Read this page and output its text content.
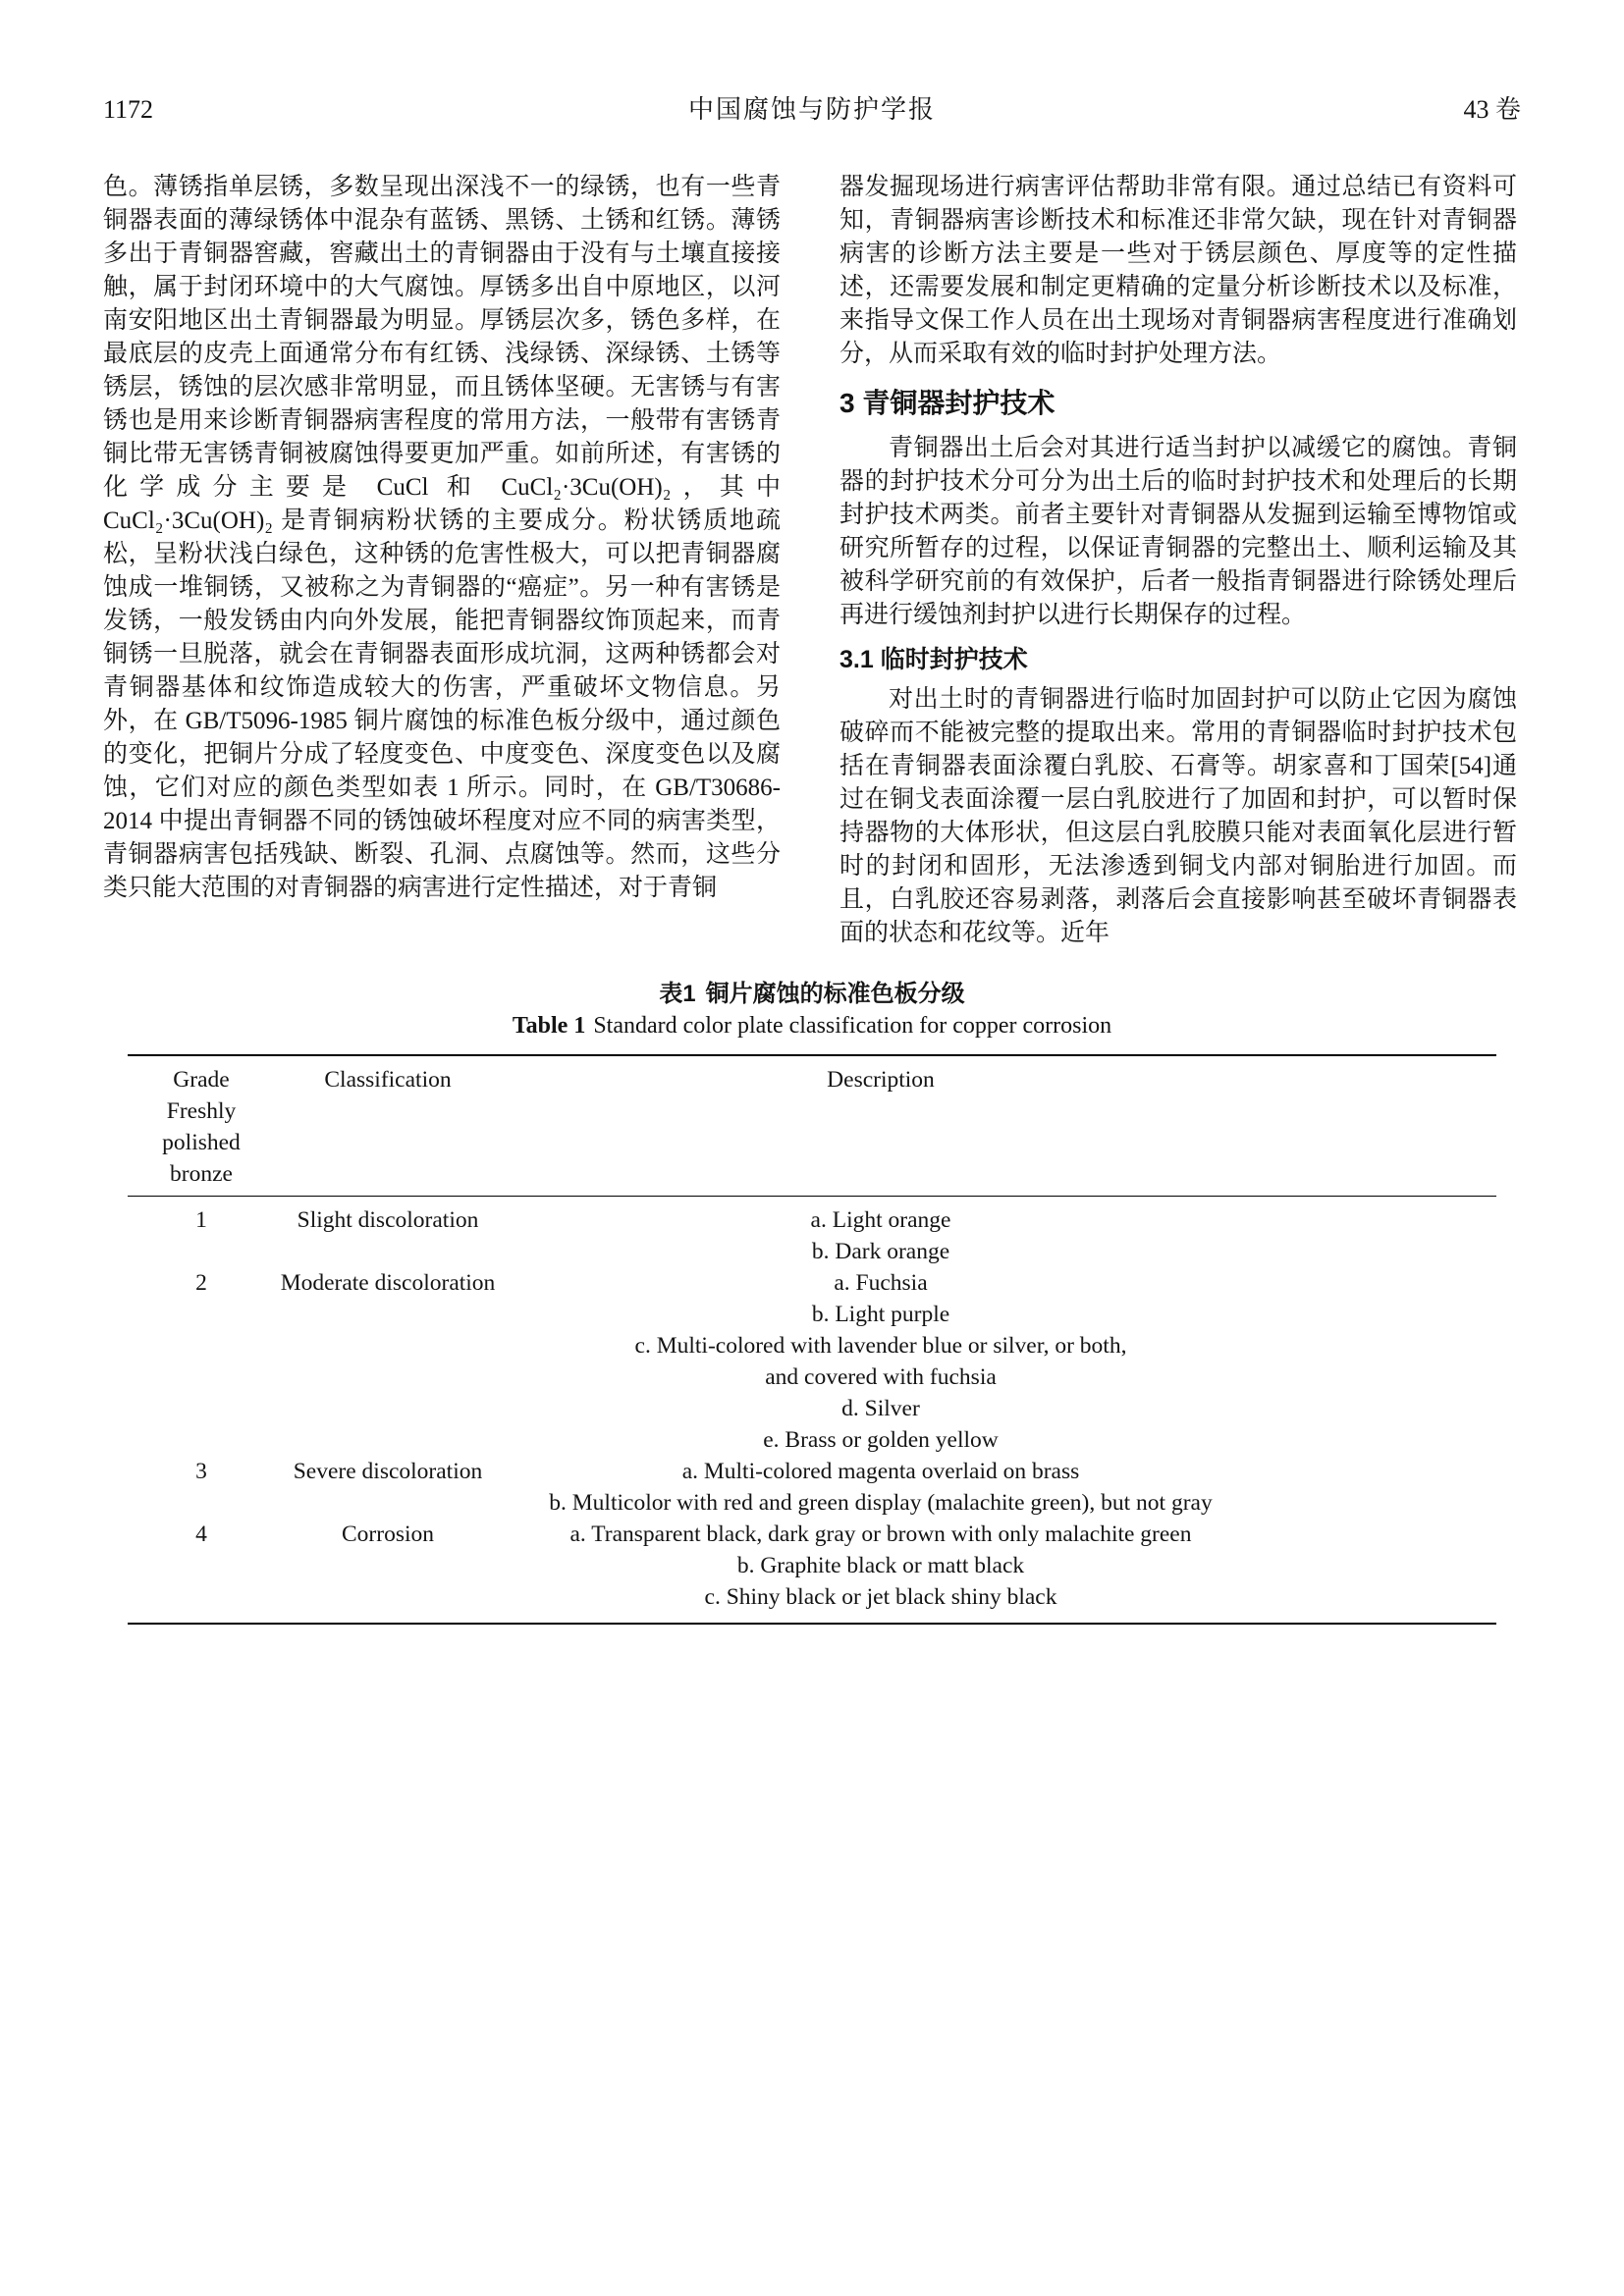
1172	中国腐蚀与防护学报	43 卷

色。薄锈指单层锈，多数呈现出深浅不一的绿锈，也有一些青铜器表面的薄绿锈体中混杂有蓝锈、黑锈、土锈和红锈。薄锈多出于青铜器窖藏，窖藏出土的青铜器由于没有与土壤直接接触，属于封闭环境中的大气腐蚀。厚锈多出自中原地区，以河南安阳地区出土青铜器最为明显。厚锈层次多，锈色多样，在最底层的皮壳上面通常分布有红锈、浅绿锈、深绿锈、土锈等锈层，锈蚀的层次感非常明显，而且锈体坚硬。无害锈与有害锈也是用来诊断青铜器病害程度的常用方法，一般带有害锈青铜比带无害锈青铜被腐蚀得要更加严重。如前所述，有害锈的化学成分主要是 CuCl 和 CuCl₂·3Cu(OH)₂，其中 CuCl₂·3Cu(OH)₂ 是青铜病粉状锈的主要成分。粉状锈质地疏松，呈粉状浅白绿色，这种锈的危害性极大，可以把青铜器腐蚀成一堆铜锈，又被称之为青铜器的“癌症”。另一种有害锈是发锈，一般发锈由内向外发展，能把青铜器纹饰顶起来，而青铜锈一旦脱落，就会在青铜器表面形成坑洞，这两种锈都会对青铜器基体和纹饰造成较大的伤害，严重破坏文物信息。另外，在 GB/T5096-1985 铜片腐蚀的标准色板分级中，通过颜色的变化，把铜片分成了轻度变色、中度变色、深度变色以及腐蚀，它们对应的颜色类型如表 1 所示。同时，在 GB/T30686-2014 中提出青铜器不同的锈蚀破坏程度对应不同的病害类型，青铜器病害包括残缺、断裂、孔洞、点腐蚀等。然而，这些分类只能大范围的对青铜器的病害进行定性描述，对于青铜

器发掘现场进行病害评估帮助非常有限。通过总结已有资料可知，青铜器病害诊断技术和标准还非常欠缺，现在针对青铜器病害的诊断方法主要是一些对于锈层颜色、厚度等的定性描述，还需要发展和制定更精确的定量分析诊断技术以及标准，来指导文保工作人员在出土现场对青铜器病害程度进行准确划分，从而采取有效的临时封护处理方法。

3 青铜器封护技术

青铜器出土后会对其进行适当封护以减缓它的腐蚀。青铜器的封护技术分可分为出土后的临时封护技术和处理后的长期封护技术两类。前者主要针对青铜器从发掘到运输至博物馆或研究所暂存的过程，以保证青铜器的完整出土、顺利运输及其被科学研究前的有效保护，后者一般指青铜器进行除锈处理后再进行缓蚀剂封护以进行长期保存的过程。

3.1 临时封护技术

对出土时的青铜器进行临时加固封护可以防止它因为腐蚀破碎而不能被完整的提取出来。常用的青铜器临时封护技术包括在青铜器表面涂覆白乳胶、石膏等。胡家喜和丁国荣[54]通过在铜戈表面涂覆一层白乳胶进行了加固和封护，可以暂时保持器物的大体形状，但这层白乳胶膜只能对表面氧化层进行暂时的封闭和固形，无法渗透到铜戈内部对铜胎进行加固。而且，白乳胶还容易剥落，剥落后会直接影响甚至破坏青铜器表面的状态和花纹等。近年

表1 铜片腐蚀的标准色板分级
Table 1 Standard color plate classification for copper corrosion
Grade	Classification	Description
Freshly polished
bronze
1	Slight discoloration	a. Light orange
b. Dark orange
2	Moderate discoloration	a. Fuchsia
b. Light purple
c. Multi-colored with lavender blue or silver, or both,
and covered with fuchsia
d. Silver
e. Brass or golden yellow
3	Severe discoloration	a. Multi-colored magenta overlaid on brass
b. Multicolor with red and green display (malachite green), but not gray
4	Corrosion	a. Transparent black, dark gray or brown with only malachite green
b. Graphite black or matt black
c. Shiny black or jet black shiny black
